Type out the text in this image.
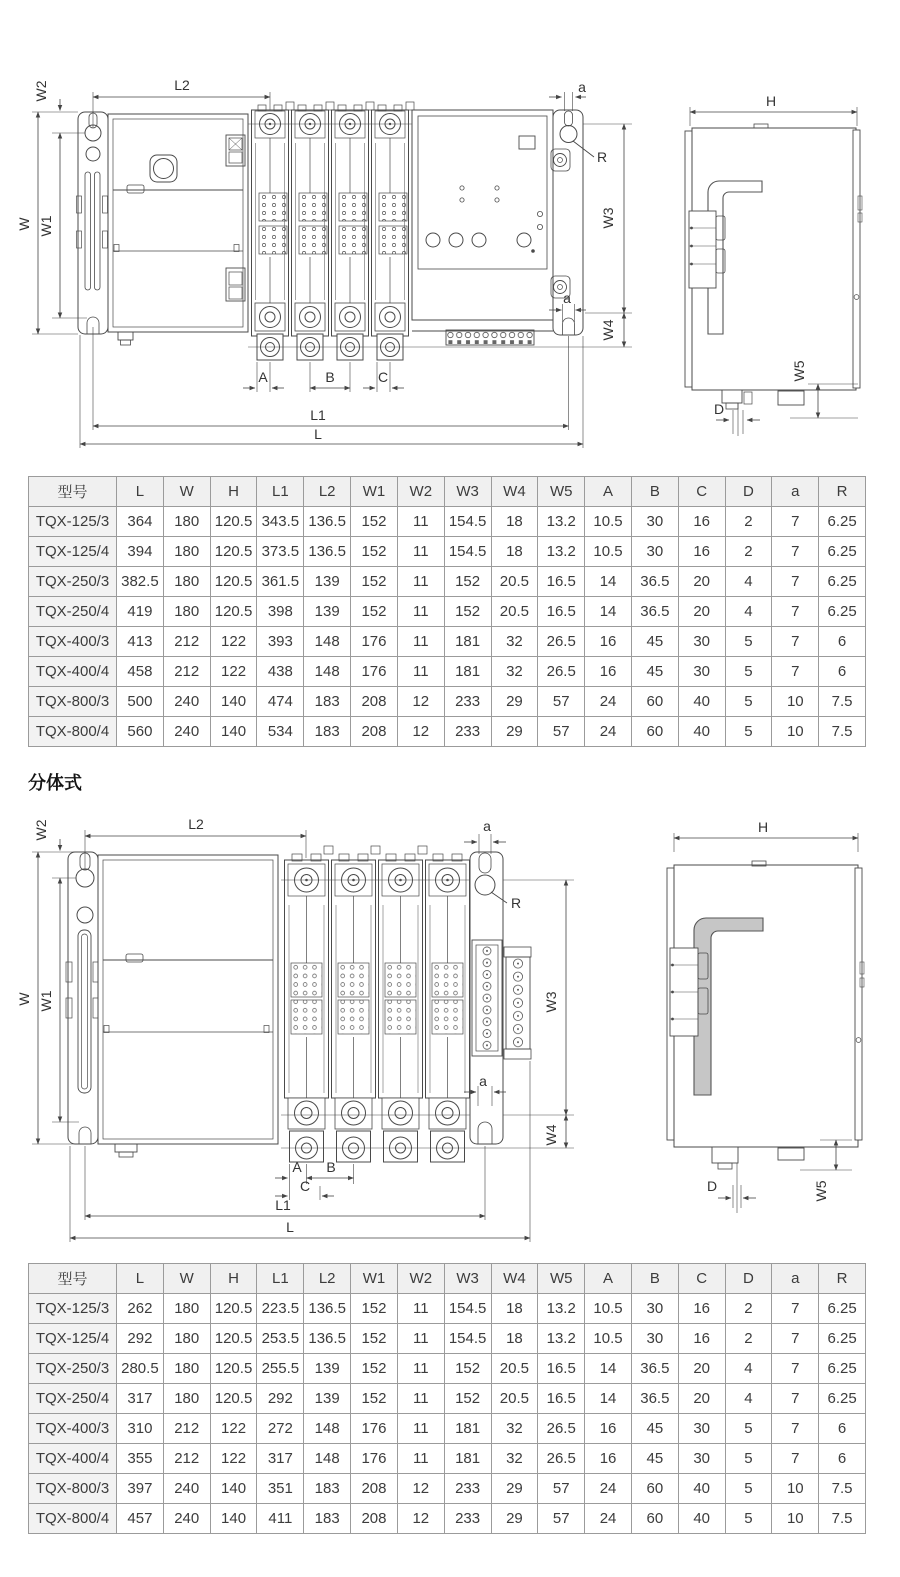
W2	L2
W W1
a
R
W3
W4
a
A	B	C
L1
L
H
W5
D
分体式
W2	L2
W W1
a
R
W3
W4
a
A B
C
L1
L
H
W5
D
型号	L	W	H	L1	L2	W1	W2	W3	W4	W5	A	B	C	D	a	R
TQX-125/3	364	180	120.5	343.5	136.5	152	11	154.5	18	13.2	10.5	30	16	2	7	6.25
TQX-125/4	394	180	120.5	373.5	136.5	152	11	154.5	18	13.2	10.5	30	16	2	7	6.25
TQX-250/3	382.5	180	120.5	361.5	139	152	11	152	20.5	16.5	14	36.5	20	4	7	6.25
TQX-250/4	419	180	120.5	398	139	152	11	152	20.5	16.5	14	36.5	20	4	7	6.25
TQX-400/3	413	212	122	393	148	176	11	181	32	26.5	16	45	30	5	7	6
TQX-400/4	458	212	122	438	148	176	11	181	32	26.5	16	45	30	5	7	6
TQX-800/3	500	240	140	474	183	208	12	233	29	57	24	60	40	5	10	7.5
TQX-800/4	560	240	140	534	183	208	12	233	29	57	24	60	40	5	10	7.5
型号	L	W	H	L1	L2	W1	W2	W3	W4	W5	A	B	C	D	a	R
TQX-125/3	262	180	120.5	223.5	136.5	152	11	154.5	18	13.2	10.5	30	16	2	7	6.25
TQX-125/4	292	180	120.5	253.5	136.5	152	11	154.5	18	13.2	10.5	30	16	2	7	6.25
TQX-250/3	280.5	180	120.5	255.5	139	152	11	152	20.5	16.5	14	36.5	20	4	7	6.25
TQX-250/4	317	180	120.5	292	139	152	11	152	20.5	16.5	14	36.5	20	4	7	6.25
TQX-400/3	310	212	122	272	148	176	11	181	32	26.5	16	45	30	5	7	6
TQX-400/4	355	212	122	317	148	176	11	181	32	26.5	16	45	30	5	7	6
TQX-800/3	397	240	140	351	183	208	12	233	29	57	24	60	40	5	10	7.5
TQX-800/4	457	240	140	411	183	208	12	233	29	57	24	60	40	5	10	7.5
